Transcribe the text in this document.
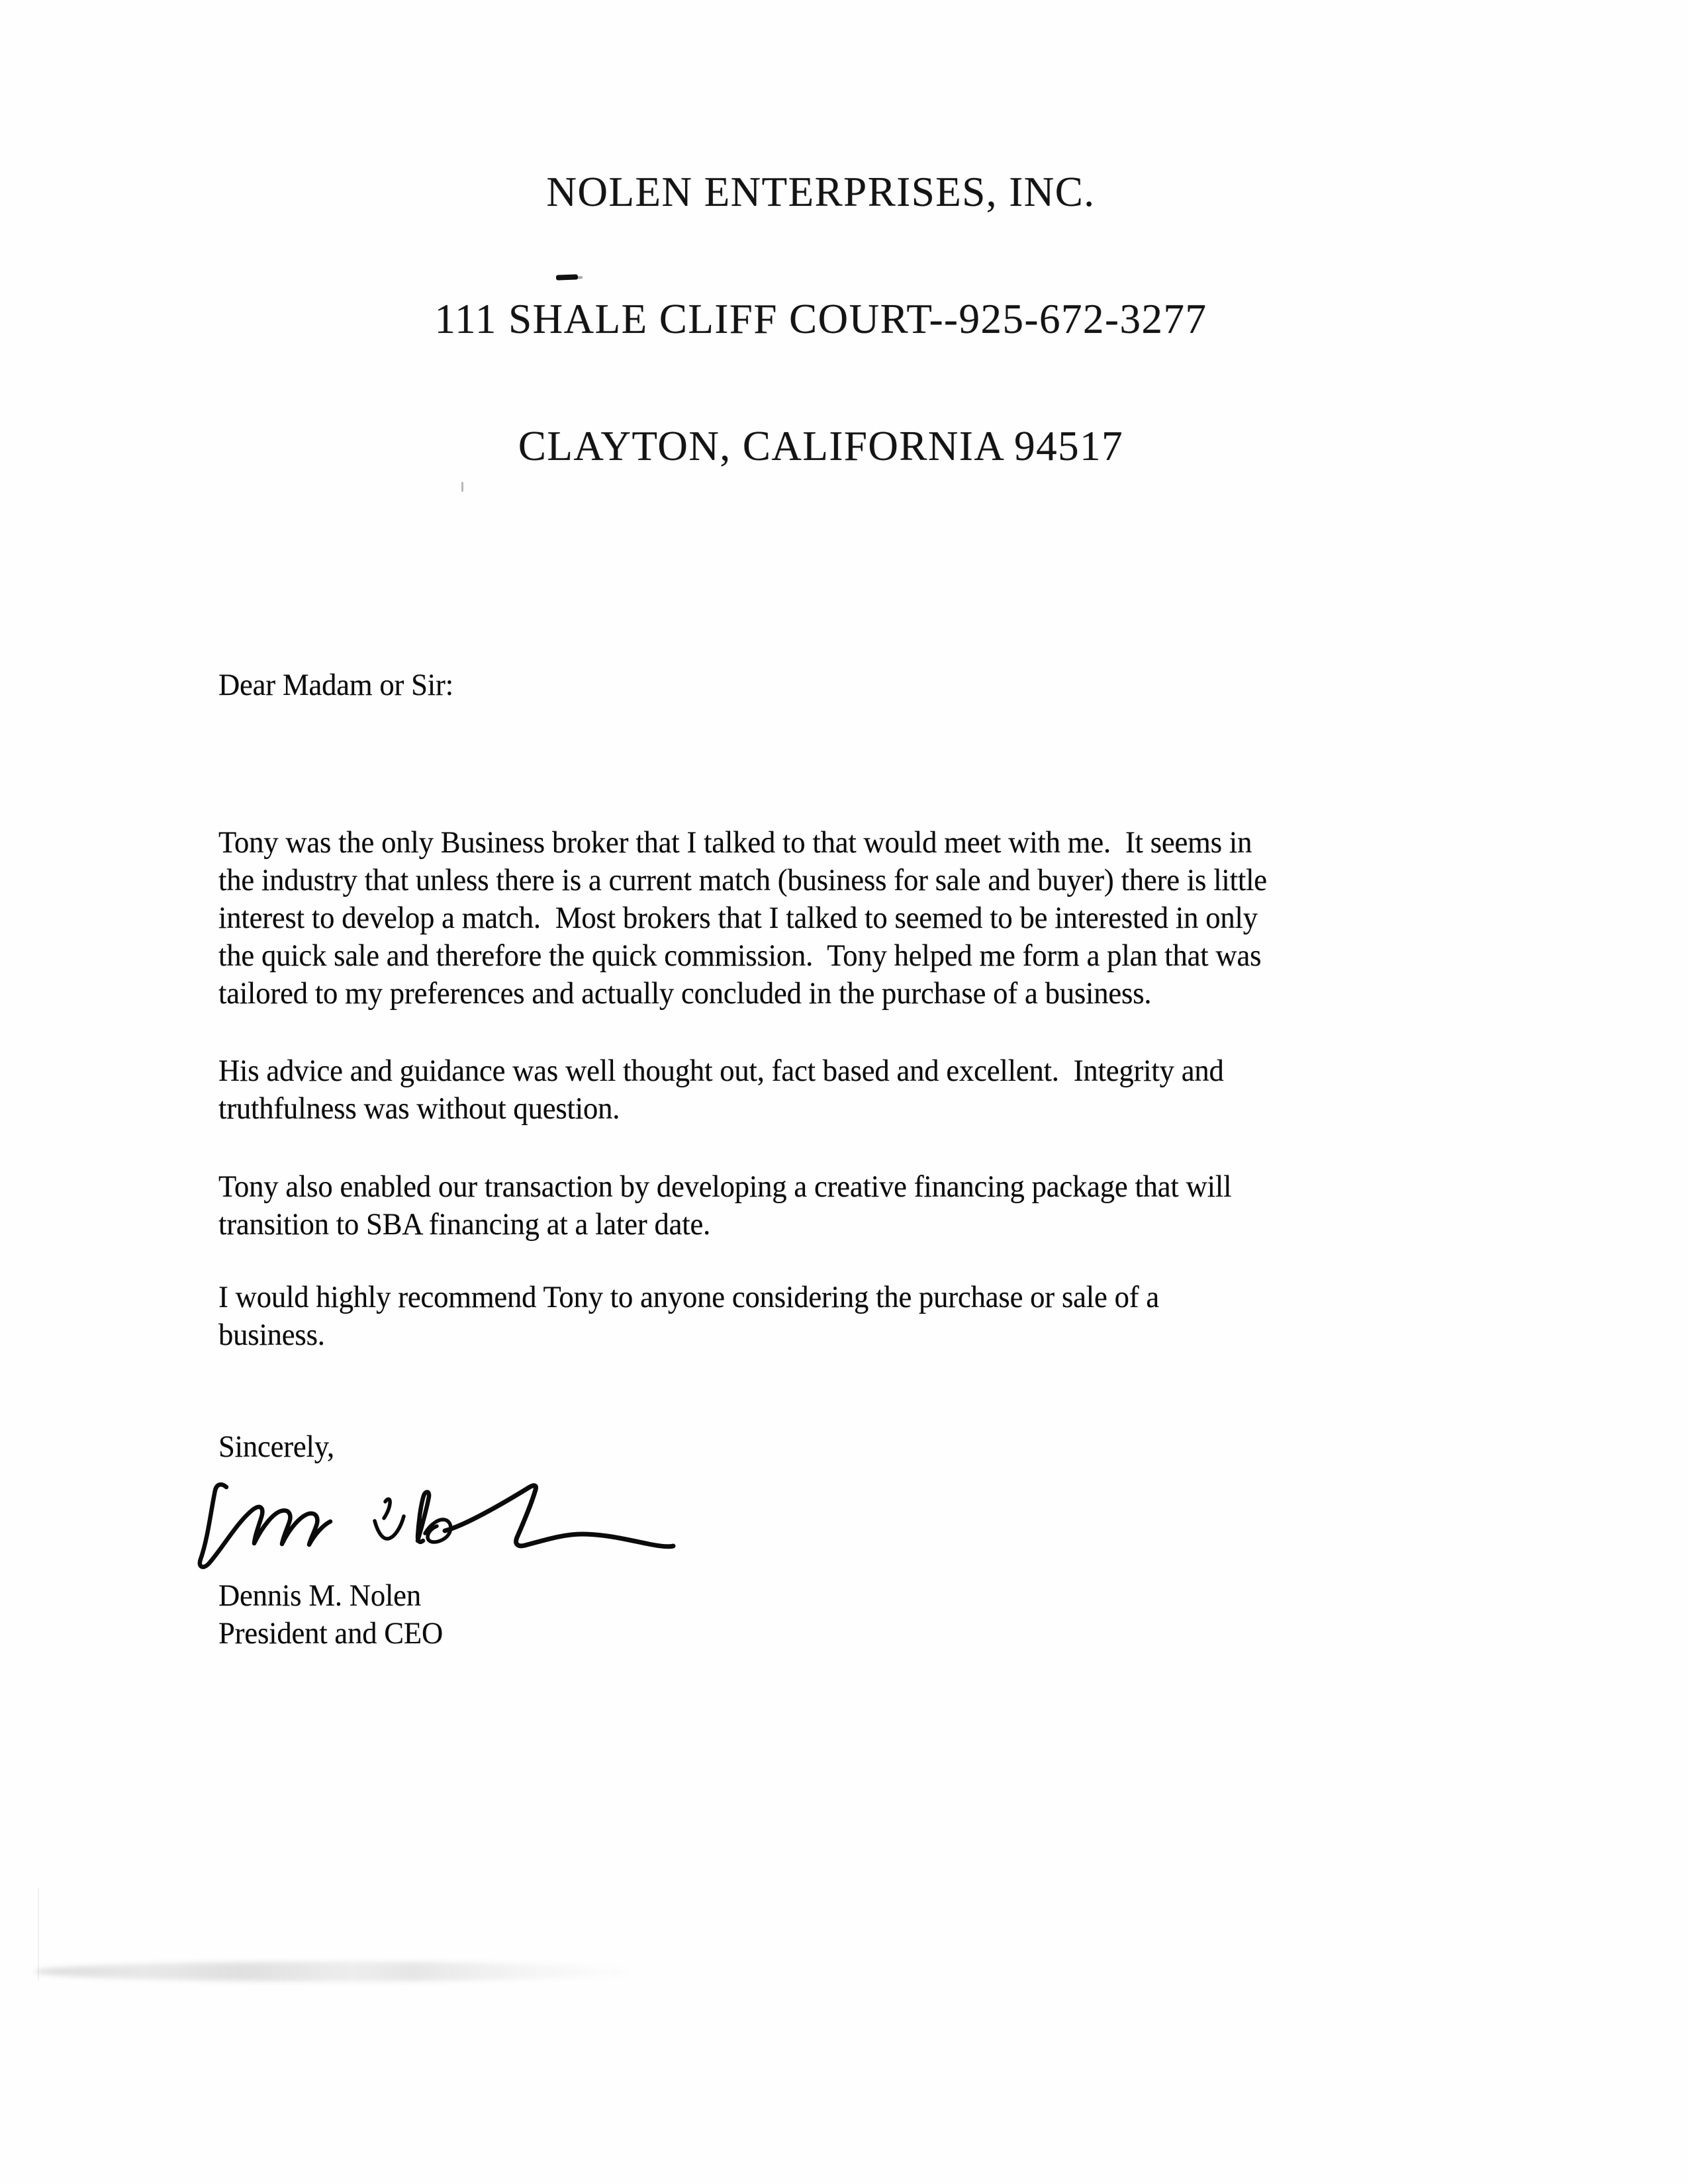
NOLEN ENTERPRISES, INC.

111 SHALE CLIFF COURT--925-672-3277

CLAYTON, CALIFORNIA 94517

Dear Madam or Sir:
Tony was the only Business broker that I talked to that would meet with me.  It seems in
the industry that unless there is a current match (business for sale and buyer) there is little
interest to develop a match.  Most brokers that I talked to seemed to be interested in only
the quick sale and therefore the quick commission.  Tony helped me form a plan that was
tailored to my preferences and actually concluded in the purchase of a business.
His advice and guidance was well thought out, fact based and excellent.  Integrity and
truthfulness was without question.
Tony also enabled our transaction by developing a creative financing package that will
transition to SBA financing at a later date.
I would highly recommend Tony to anyone considering the purchase or sale of a
business.
Sincerely,
Dennis M. Nolen
President and CEO
